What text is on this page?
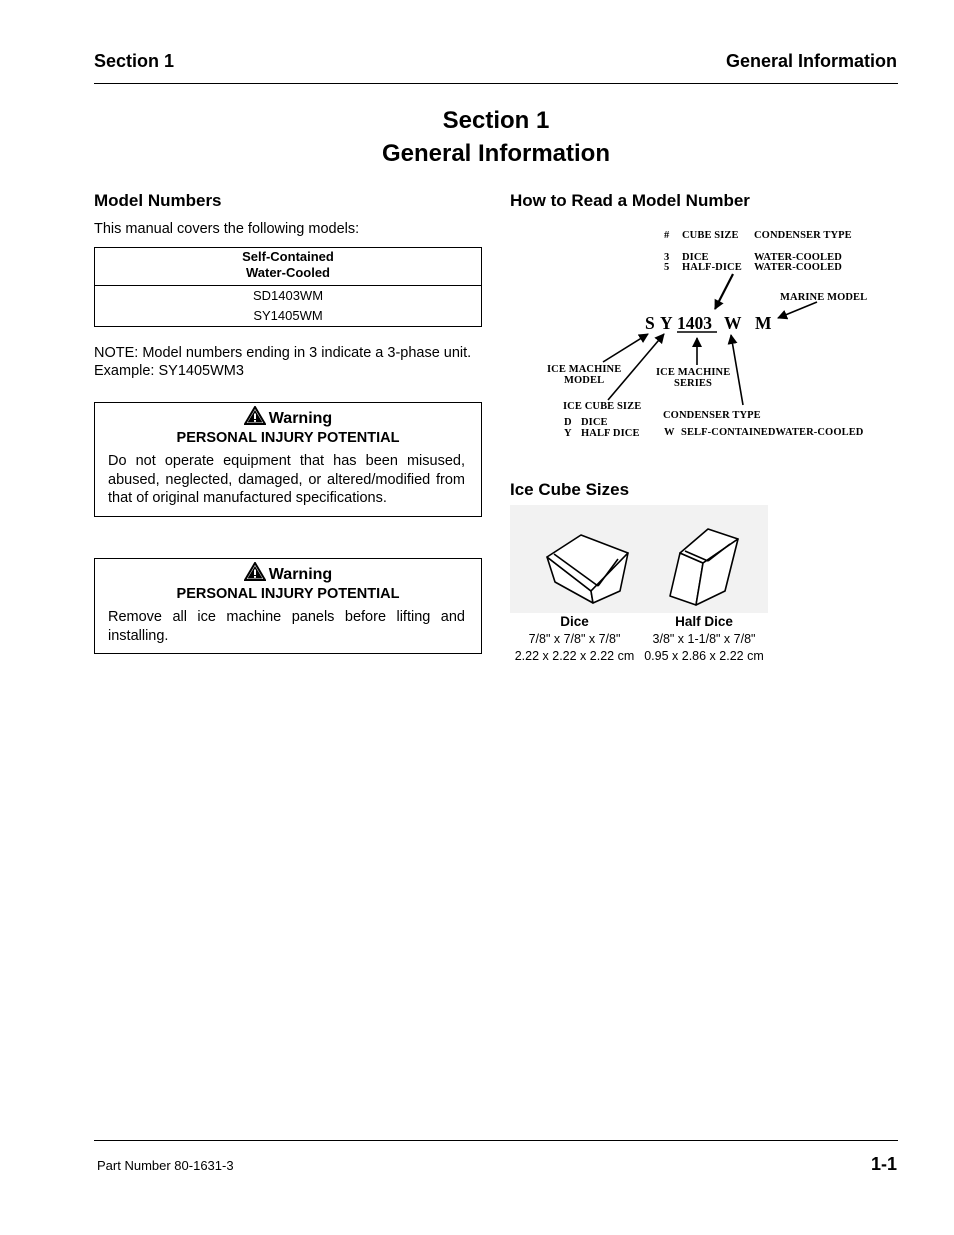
Section 1	General Information
Section 1
General Information
Model Numbers
This manual covers the following models:
Self-Contained
Water-Cooled

SD1403WM
SY1405WM
NOTE: Model numbers ending in 3 indicate a 3-phase unit. Example: SY1405WM3
Warning
PERSONAL INJURY POTENTIAL
Do not operate equipment that has been misused, abused, neglected, damaged, or altered/modified from that of original manufactured specifications.
Warning
PERSONAL INJURY POTENTIAL
Remove all ice machine panels before lifting and installing.
How to Read a Model Number
# CUBE SIZE CONDENSER TYPE
3 DICE	WATER-COOLED
5 HALF-DICE WATER-COOLED
MARINE MODEL
ICE MACHINE
MODEL
ICE MACHINE
SERIES
ICE CUBE SIZE
D DICE
Y HALF DICE
CONDENSER TYPE
W SELF-CONTAINEDWATER-COOLED
S Y 1403 W M
Ice Cube Sizes
Dice
7/8" x 7/8" x 7/8"
2.22 x 2.22 x 2.22 cm
Half Dice
3/8" x 1-1/8" x 7/8"
0.95 x 2.86 x 2.22 cm
Part Number 80-1631-3	1-1
